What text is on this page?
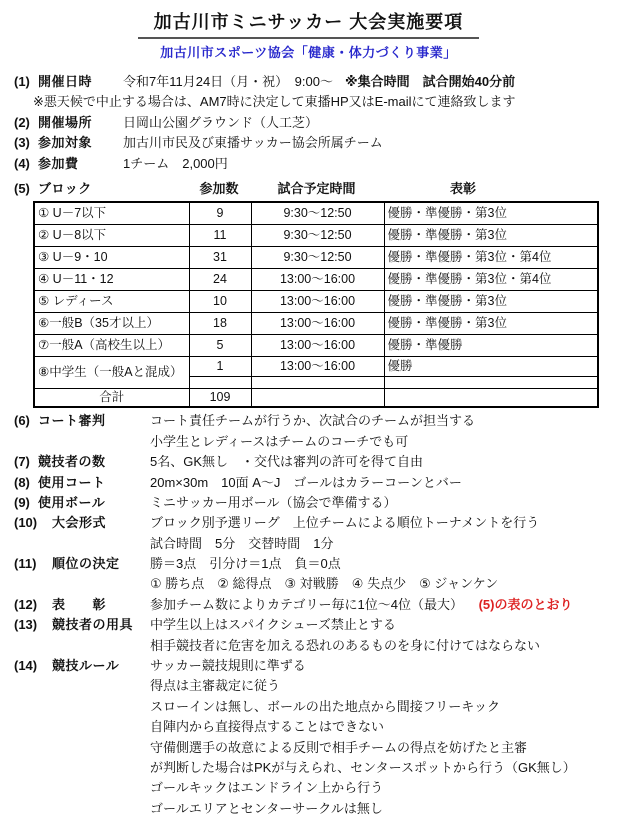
加古川市ミニサッカー 大会実施要項
加古川市スポーツ協会「健康・体力づくり事業」
(1) 開催日時 令和7年11月24日（月・祝）　9:00～ ※集合時間　試合開始40分前
※悪天候で中止する場合は、AM7時に決定して東播HP又はE-mailにて連絡致します
(2) 開催場所 日岡山公園グラウンド（人工芝）
(3) 参加対象 加古川市民及び東播サッカー協会所属チーム
(4) 参加費	1チーム　2,000円
(5) ブロック	参加数	試合予定時間	表彰
① U－7以下	9	9:30～12:50	優勝・準優勝・第3位
② U－8以下	11	9:30～12:50	優勝・準優勝・第3位
③ U－9・10	31	9:30～12:50	優勝・準優勝・第3位・第4位
④ U－11・12	24	13:00～16:00	優勝・準優勝・第3位・第4位
⑤ レディース	10	13:00～16:00	優勝・準優勝・第3位
⑥一般B（35才以上）	18	13:00～16:00	優勝・準優勝・第3位
⑦一般A（高校生以上）	5	13:00～16:00	優勝・準優勝
⑧中学生（一般Aと混成）	1	13:00～16:00	優勝

合計	109		
(6) コート審判	コート責任チームが行うか、次試合のチームが担当する
小学生とレディースはチームのコーチでも可
(7) 競技者の数	5名、GK無し　・交代は審判の許可を得て自由
(8) 使用コート	20m×30m　10面 A～J　ゴールはカラーコーンとバー
(9) 使用ボール	ミニサッカー用ボール（協会で準備する）
(10) 大会形式	ブロック別予選リーグ　上位チームによる順位トーナメントを行う
試合時間　5分　交替時間　1分
(11) 順位の決定 勝＝3点　引分け＝1点　負＝0点
① 勝ち点　② 総得点　③ 対戦勝　④ 失点少　⑤ ジャンケン
(12) 表　　彰	参加チーム数によりカテゴリー毎に1位～4位（最大） (5)の表のとおり
(13) 競技者の用具 中学生以上はスパイクシューズ禁止とする
相手競技者に危害を加える恐れのあるものを身に付けてはならない
(14) 競技ルール サッカー競技規則に準ずる
得点は主審裁定に従う
スローインは無し、ボールの出た地点から間接フリーキック
自陣内から直接得点することはできない
守備側選手の故意による反則で相手チームの得点を妨げたと主審
が判断した場合はPKが与えられ、センタースポットから行う（GK無し）
ゴールキックはエンドライン上から行う
ゴールエリアとセンターサークルは無し
